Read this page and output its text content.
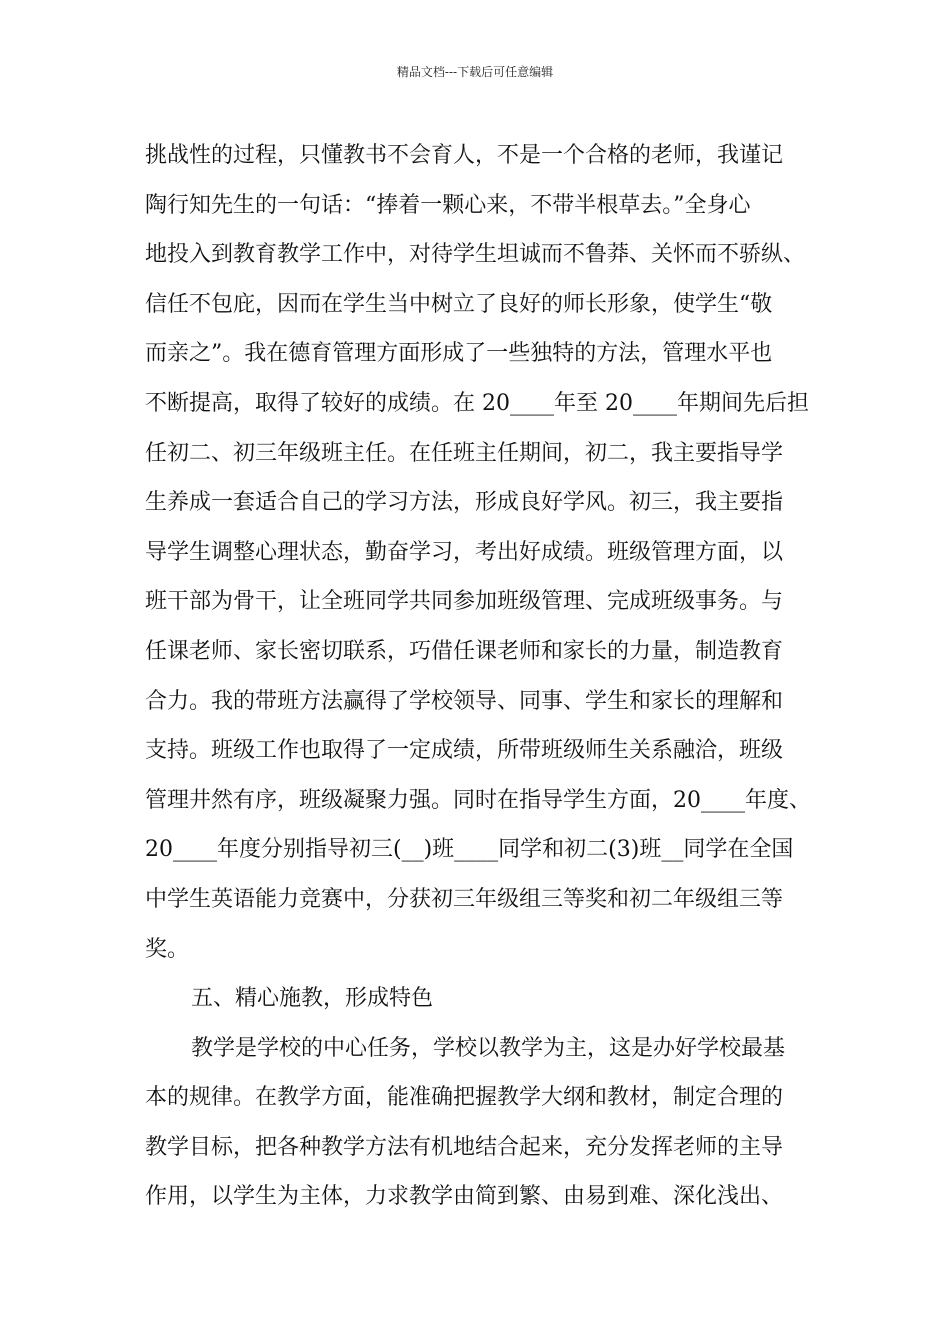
精品文档---下载后可任意编辑
挑战性的过程，只懂教书不会育人，不是一个合格的老师，我谨记
陶行知先生的一句话：“捧着一颗心来，不带半根草去。”全身心
地投入到教育教学工作中，对待学生坦诚而不鲁莽、关怀而不骄纵、
信任不包庇，因而在学生当中树立了良好的师长形象，使学生“敬
而亲之”。我在德育管理方面形成了一些独特的方法，管理水平也
不断提高，取得了较好的成绩。在 20____年至 20____年期间先后担
任初二、初三年级班主任。在任班主任期间，初二，我主要指导学
生养成一套适合自己的学习方法，形成良好学风。初三，我主要指
导学生调整心理状态，勤奋学习，考出好成绩。班级管理方面，以
班干部为骨干，让全班同学共同参加班级管理、完成班级事务。与
任课老师、家长密切联系，巧借任课老师和家长的力量，制造教育
合力。我的带班方法赢得了学校领导、同事、学生和家长的理解和
支持。班级工作也取得了一定成绩，所带班级师生关系融洽，班级
管理井然有序，班级凝聚力强。同时在指导学生方面，20____年度、
20____年度分别指导初三(__)班____同学和初二(3)班__同学在全国
中学生英语能力竞赛中，分获初三年级组三等奖和初二年级组三等
奖。
五、精心施教，形成特色
教学是学校的中心任务，学校以教学为主，这是办好学校最基
本的规律。在教学方面，能准确把握教学大纲和教材，制定合理的
教学目标，把各种教学方法有机地结合起来，充分发挥老师的主导
作用，以学生为主体，力求教学由简到繁、由易到难、深化浅出、
